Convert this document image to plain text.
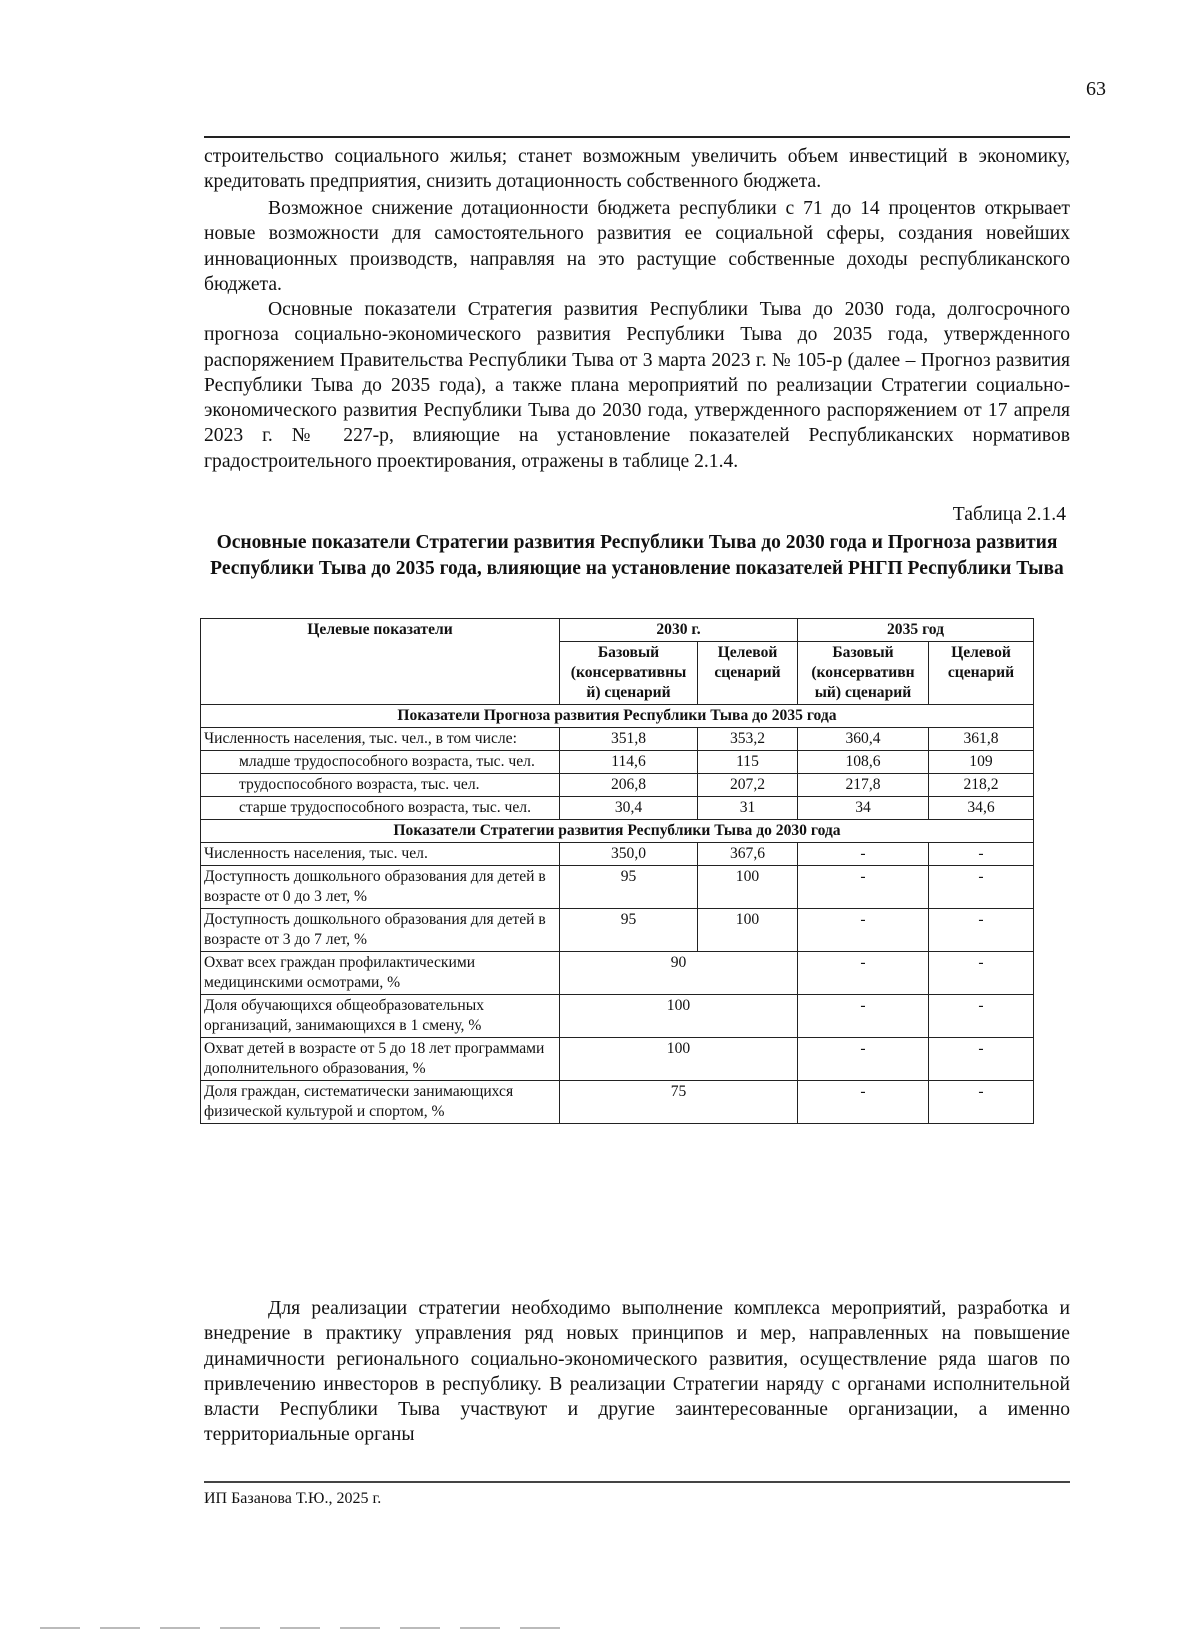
63

строительство социального жилья; станет возможным увеличить объем инвестиций в экономику, кредитовать предприятия, снизить дотационность собственного бюджета.

Возможное снижение дотационности бюджета республики с 71 до 14 процентов открывает новые возможности для самостоятельного развития ее социальной сферы, создания новейших инновационных производств, направляя на это растущие собственные доходы республиканского бюджета.

Основные показатели Стратегия развития Республики Тыва до 2030 года, долгосрочного прогноза социально-экономического развития Республики Тыва до 2035 года, утвержденного распоряжением Правительства Республики Тыва от 3 марта 2023 г. № 105-р (далее – Прогноз развития Республики Тыва до 2035 года), а также плана мероприятий по реализации Стратегии социально-экономического развития Республики Тыва до 2030 года, утвержденного распоряжением от 17 апреля 2023 г. № 227-р, влияющие на установление показателей Республиканских нормативов градостроительного проектирования, отражены в таблице 2.1.4.

Таблица 2.1.4
Основные показатели Стратегии развития Республики Тыва до 2030 года и Прогноза развития Республики Тыва до 2035 года, влияющие на установление показателей РНГП Республики Тыва
Целевые показатели	2030 г.		2035 год	
	Базовый (консервативны й) сценарий	Целевой сценарий	Базовый (консервативн ый) сценарий	Целевой сценарий
Показатели Прогноза развития Республики Тыва до 2035 года				
Численность населения, тыс. чел., в том числе:	351,8	353,2	360,4	361,8
младше трудоспособного возраста, тыс. чел.	114,6	115	108,6	109
трудоспособного возраста, тыс. чел.	206,8	207,2	217,8	218,2
старше трудоспособного возраста, тыс. чел.	30,4	31	34	34,6
Показатели Стратегии развития Республики Тыва до 2030 года				
Численность населения, тыс. чел.	350,0	367,6	-	-
Доступность дошкольного образования для детей в возрасте от 0 до 3 лет, %	95	100	-	-
Доступность дошкольного образования для детей в возрасте от 3 до 7 лет, %	95	100	-	-
Охват всех граждан профилактическими медицинскими осмотрами, %	90		-	-
Доля обучающихся общеобразовательных организаций, занимающихся в 1 смену, %	100		-	-
Охват детей в возрасте от 5 до 18 лет программами дополнительного образования, %	100		-	-
Доля граждан, систематически занимающихся физической культурой и спортом, %	75		-	-

Для реализации стратегии необходимо выполнение комплекса мероприятий, разработка и внедрение в практику управления ряд новых принципов и мер, направленных на повышение динамичности регионального социально-экономического развития, осуществление ряда шагов по привлечению инвесторов в республику. В реализации Стратегии наряду с органами исполнительной власти Республики Тыва участвуют и другие заинтересованные организации, а именно территориальные органы

ИП Базанова Т.Ю., 2025 г.
